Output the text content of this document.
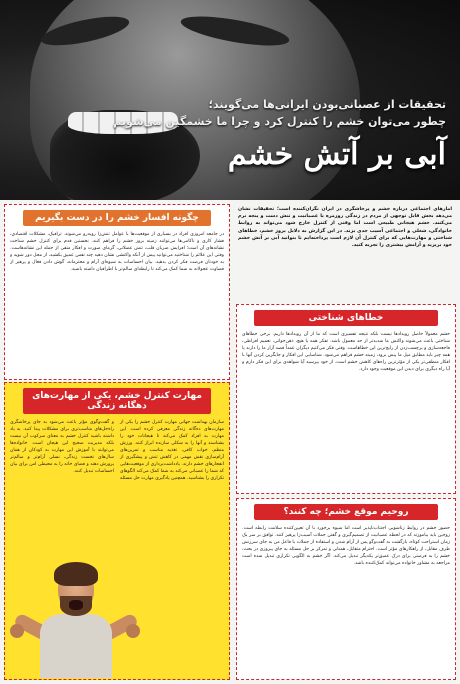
تحقیقات از عصبانی‌بودن ایرانی‌ها می‌گویند؛
چطور می‌توان خشم را کنترل کرد و چرا ما خشمگین می‌شویم
آبی بر آتش خشم
آمارهای اجتماعی درباره خشم و پرخاشگری در ایران نگران‌کننده است؛ تحقیقات نشان می‌دهد بخش قابل توجهی از مردم در زندگی روزمره با عصبانیت و تنش دست و پنجه نرم می‌کنند. خشم هیجانی طبیعی است اما وقتی از کنترل خارج شود می‌تواند به روابط خانوادگی، شغلی و اجتماعی آسیب جدی بزند. در این گزارش به دلایل بروز خشم، خطاهای شناختی و مهارت‌هایی که برای کنترل آن لازم است پرداخته‌ایم تا بتوانید آبی بر آتش خشم خود بریزید و آرامش بیشتری را تجربه کنید.
چگونه افسار خشم را در دست بگیریم
در جامعه امروزی افراد در بسیاری از موقعیت‌ها با عوامل تنش‌زا روبه‌رو می‌شوند. ترافیک، مشکلات اقتصادی، فشار کاری و ناکامی‌ها می‌توانند زمینه بروز خشم را فراهم کنند. نخستین قدم برای کنترل خشم شناخت نشانه‌های آن است؛ افزایش ضربان قلب، تنش عضلانی، گرمای صورت و افکار منفی از جمله این نشانه‌هاست. وقتی این علائم را شناختید می‌توانید پیش از آنکه واکنشی نشان دهید چند نفس عمیق بکشید، از محل دور شوید و به خودتان فرصت فکر کردن بدهید. بیان احساسات به شیوه‌ای آرام و محترمانه، گوش دادن فعال و پرهیز از قضاوت عجولانه به شما کمک می‌کند تا رابطه‌ای سالم‌تر با اطرافیان داشته باشید.
خطاهای شناختی
خشم معمولاً حاصل رویدادها نیست بلکه نتیجه تفسیری است که ما از آن رویدادها داریم. برخی خطاهای شناختی باعث می‌شوند واکنش ما شدیدتر از حد معمول باشد. تفکر همه یا هیچ، ذهن‌خوانی، تعمیم افراطی، فاجعه‌سازی و برچسب‌زدن از رایج‌ترین این خطاهاست. وقتی فکر می‌کنیم دیگران عمداً قصد آزار ما را دارند یا همه چیز باید مطابق میل ما پیش برود، زمینه خشم فراهم می‌شود. شناسایی این افکار و جایگزین کردن آنها با افکار منطقی‌تر یکی از مؤثرترین راه‌های کاهش خشم است. از خود بپرسید آیا شواهدی برای این فکر دارم و آیا راه دیگری برای دیدن این موقعیت وجود دارد.
مهارت کنترل خشم، یکی از مهارت‌های دهگانه زندگی
سازمان بهداشت جهانی مهارت کنترل خشم را یکی از مهارت‌های ده‌گانه زندگی معرفی کرده است. این مهارت به افراد کمک می‌کند تا هیجانات خود را بشناسند و آنها را به شکلی سازنده ابراز کنند. ورزش منظم، خواب کافی، تغذیه مناسب و تمرین‌های آرام‌سازی نقش مهمی در کاهش تنش و پیشگیری از انفجارهای خشم دارند. یادداشت‌برداری از موقعیت‌هایی که شما را عصبانی می‌کند به شما کمک می‌کند الگوهای تکراری را بشناسید. همچنین یادگیری مهارت حل مسئله و گفت‌وگوی مؤثر باعث می‌شود به جای پرخاشگری راه‌حل‌های مناسب‌تری برای مشکلات پیدا کنید. به یاد داشته باشید کنترل خشم به معنای سرکوب آن نیست بلکه مدیریت صحیح این هیجان است. خانواده‌ها می‌توانند با آموزش این مهارت به کودکان از همان سال‌های نخست زندگی، نسلی آرام‌تر و سالم‌تر پرورش دهند و فضای خانه را به محیطی امن برای بیان احساسات تبدیل کنند.
روحیم موقع خشم؛ چه کنند؟
حضور خشم در روابط زناشویی اجتناب‌ناپذیر است اما شیوه برخورد با آن تعیین‌کننده سلامت رابطه است. زوجین باید بیاموزند که در لحظه عصبانیت از تصمیم‌گیری و گفتن جملات آسیب‌زا پرهیز کنند. توافق بر سر یک زمان استراحت کوتاه، بازگشت به گفت‌وگو پس از آرام شدن و استفاده از جملات با فاعل من به جای سرزنش طرف مقابل، از راهکارهای مؤثر است. احترام متقابل، همدلی و تمرکز بر حل مسئله به جای پیروزی در بحث، خشم را به فرصتی برای درک عمیق‌تر یکدیگر تبدیل می‌کند. اگر خشم به الگویی تکراری تبدیل شده است مراجعه به مشاور خانواده می‌تواند کمک‌کننده باشد.
